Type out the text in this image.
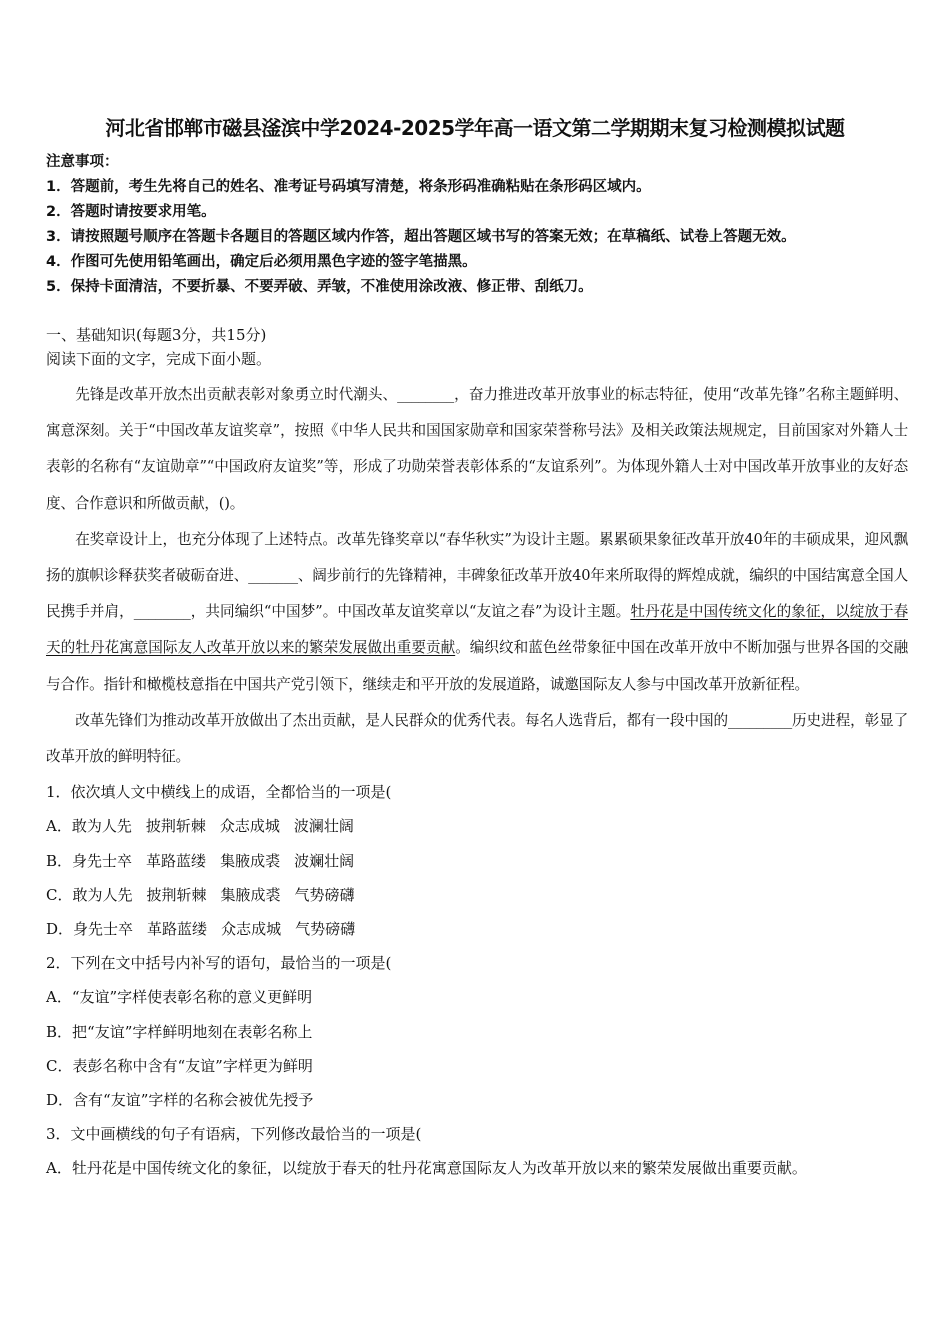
河北省邯郸市磁县滏滨中学2024-2025学年高一语文第二学期期末复习检测模拟试题
注意事项：
1．答题前，考生先将自己的姓名、准考证号码填写清楚，将条形码准确粘贴在条形码区域内。
2．答题时请按要求用笔。
3．请按照题号顺序在答题卡各题目的答题区域内作答，超出答题区域书写的答案无效；在草稿纸、试卷上答题无效。
4．作图可先使用铅笔画出，确定后必须用黑色字迹的签字笔描黑。
5．保持卡面清洁，不要折暴、不要弄破、弄皱，不准使用涂改液、修正带、刮纸刀。
一、基础知识(每题3分，共15分)
阅读下面的文字，完成下面小题。
先锋是改革开放杰出贡献表彰对象勇立时代潮头、________，奋力推进改革开放事业的标志特征，使用“改革先锋”名称主题鲜明、寓意深刻。关于“中国改革友谊奖章”，按照《中华人民共和国国家勋章和国家荣誉称号法》及相关政策法规规定，目前国家对外籍人士表彰的名称有“友谊勋章”“中国政府友谊奖”等，形成了功勋荣誉表彰体系的“友谊系列”。为体现外籍人士对中国改革开放事业的友好态度、合作意识和所做贡献，()。
在奖章设计上，也充分体现了上述特点。改革先锋奖章以“春华秋实”为设计主题。累累硕果象征改革开放40年的丰硕成果，迎风飘扬的旗帜诊释获奖者破砺奋进、_______、阔步前行的先锋精神，丰碑象征改革开放40年来所取得的辉煌成就，编织的中国结寓意全国人民携手并肩，________，共同编织“中国梦”。中国改革友谊奖章以“友谊之春”为设计主题。牡丹花是中国传统文化的象征，以绽放于春天的牡丹花寓意国际友人改革开放以来的繁荣发展做出重要贡献。编织纹和蓝色丝带象征中国在改革开放中不断加强与世界各国的交融与合作。指针和橄榄枝意指在中国共产党引领下，继续走和平开放的发展道路，诚邀国际友人参与中国改革开放新征程。
改革先锋们为推动改革开放做出了杰出贡献，是人民群众的优秀代表。每名人选背后，都有一段中国的_________历史进程，彰显了改革开放的鲜明特征。
1．依次填人文中横线上的成语，全都恰当的一项是(
A．敢为人先 披荆斩棘 众志成城 波澜壮阔
B．身先士卒 革路蓝缕 集腋成裘 波斓壮阔
C．敢为人先 披荆斩棘 集腋成裘 气势磅礴
D．身先士卒 革路蓝缕 众志成城 气势磅礴
2．下列在文中括号内补写的语句，最恰当的一项是(
A．“友谊”字样使表彰名称的意义更鲜明
B．把“友谊”字样鲜明地刻在表彰名称上
C．表彭名称中含有“友谊”字样更为鲜明
D．含有“友谊”字样的名称会被优先授予
3．文中画横线的句子有语病，下列修改最恰当的一项是(
A．牡丹花是中国传统文化的象征，以绽放于春天的牡丹花寓意国际友人为改革开放以来的繁荣发展做出重要贡献。
